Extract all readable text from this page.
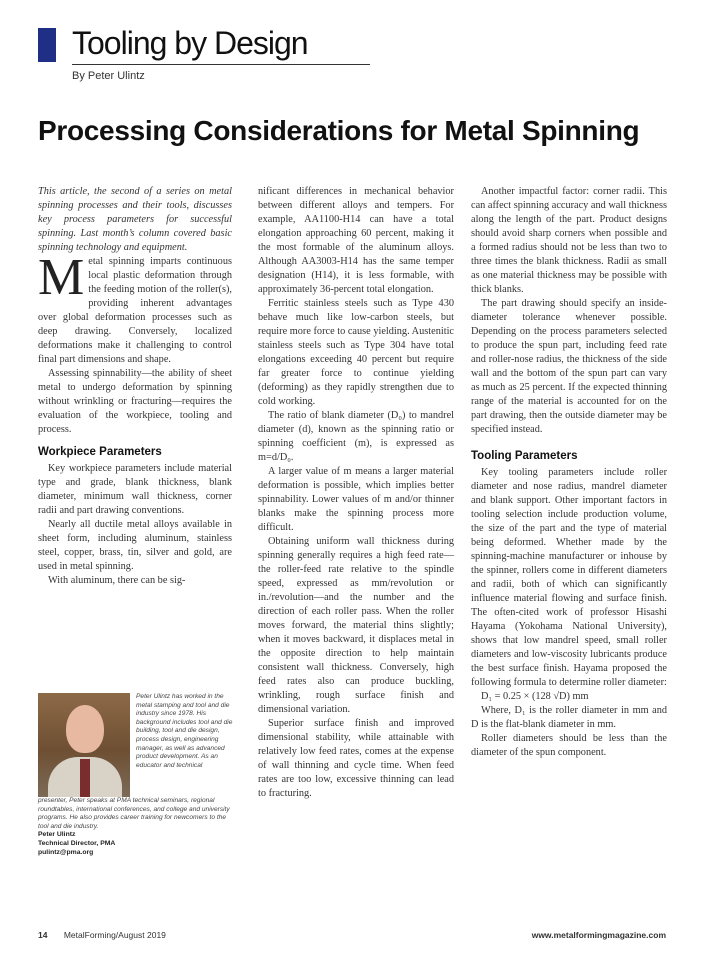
Tooling by Design
By Peter Ulintz
Processing Considerations for Metal Spinning

This article, the second of a series on metal spinning processes and their tools, discusses key process parameters for successful spinning. Last month’s column covered basic spinning technology and equipment.

Metal spinning imparts continuous local plastic deformation through the feeding motion of the roller(s), providing inherent advantages over global deformation processes such as deep drawing. Conversely, localized deformations make it challenging to control final part dimensions and shape.

Assessing spinnability—the ability of sheet metal to undergo deformation by spinning without wrinkling or fracturing—requires the evaluation of the workpiece, tooling and process.

Workpiece Parameters

Key workpiece parameters include material type and grade, blank thickness, blank diameter, minimum wall thickness, corner radii and part drawing conventions.

Nearly all ductile metal alloys available in sheet form, including aluminum, stainless steel, copper, brass, tin, silver and gold, are used in metal spinning.

With aluminum, there can be sig-

Peter Ulintz has worked in the metal stamping and tool and die industry since 1978. His background includes tool and die building, tool and die design, process design, engineering manager, as well as advanced product development. As an educator and technical
presenter, Peter speaks at PMA technical seminars, regional roundtables, international conferences, and college and university programs. He also provides career training for newcomers to the tool and die industry.
Peter Ulintz
Technical Director, PMA
pulintz@pma.org

nificant differences in mechanical behavior between different alloys and tempers. For example, AA1100-H14 can have a total elongation approaching 60 percent, making it the most formable of the aluminum alloys. Although AA3003-H14 has the same temper designation (H14), it is less formable, with approximately 36-percent total elongation.

Ferritic stainless steels such as Type 430 behave much like low-carbon steels, but require more force to cause yielding. Austenitic stainless steels such as Type 304 have total elongations exceeding 40 percent but require far greater force to continue yielding (deforming) as they rapidly strengthen due to cold working.

The ratio of blank diameter (D₀) to mandrel diameter (d), known as the spinning ratio or spinning coefficient (m), is expressed as m=d/D₀.

A larger value of m means a larger material deformation is possible, which implies better spinnability. Lower values of m and/or thinner blanks make the spinning process more difficult.

Obtaining uniform wall thickness during spinning generally requires a high feed rate—the roller-feed rate relative to the spindle speed, expressed as mm/revolution or in./revolution—and the number and the direction of each roller pass. When the roller moves forward, the material thins slightly; when it moves backward, it displaces metal in the opposite direction to help maintain consistent wall thickness. Conversely, high feed rates also can produce buckling, wrinkling, rough surface finish and dimensional variation.

Superior surface finish and improved dimensional stability, while attainable with relatively low feed rates, comes at the expense of wall thinning and cycle time. When feed rates are too low, excessive thinning can lead to fracturing.

Another impactful factor: corner radii. This can affect spinning accuracy and wall thickness along the length of the part. Product designs should avoid sharp corners when possible and a formed radius should not be less than two to three times the blank thickness. Radii as small as one material thickness may be possible with thick blanks.

The part drawing should specify an inside-diameter tolerance whenever possible. Depending on the process parameters selected to produce the spun part, including feed rate and roller-nose radius, the thickness of the side wall and the bottom of the spun part can vary as much as 25 percent. If the expected thinning range of the material is accounted for on the part drawing, then the outside diameter may be specified instead.

Tooling Parameters

Key tooling parameters include roller diameter and nose radius, mandrel diameter and blank support. Other important factors in tooling selection include production volume, the size of the part and the type of material being deformed. Whether made by the spinning-machine manufacturer or inhouse by the spinner, rollers come in different diameters and radii, both of which can significantly influence material flowing and surface finish. The often-cited work of professor Hisashi Hayama (Yokohama National University), shows that low mandrel speed, small roller diameters and low-viscosity lubricants produce the best surface finish. Hayama proposed the following formula to determine roller diameter:

D₁ = 0.25 × (128 √D) mm

Where, D₁ is the roller diameter in mm and D is the flat-blank diameter in mm.

Roller diameters should be less than the diameter of the spun component.

14 MetalForming/August 2019	www.metalformingmagazine.com
